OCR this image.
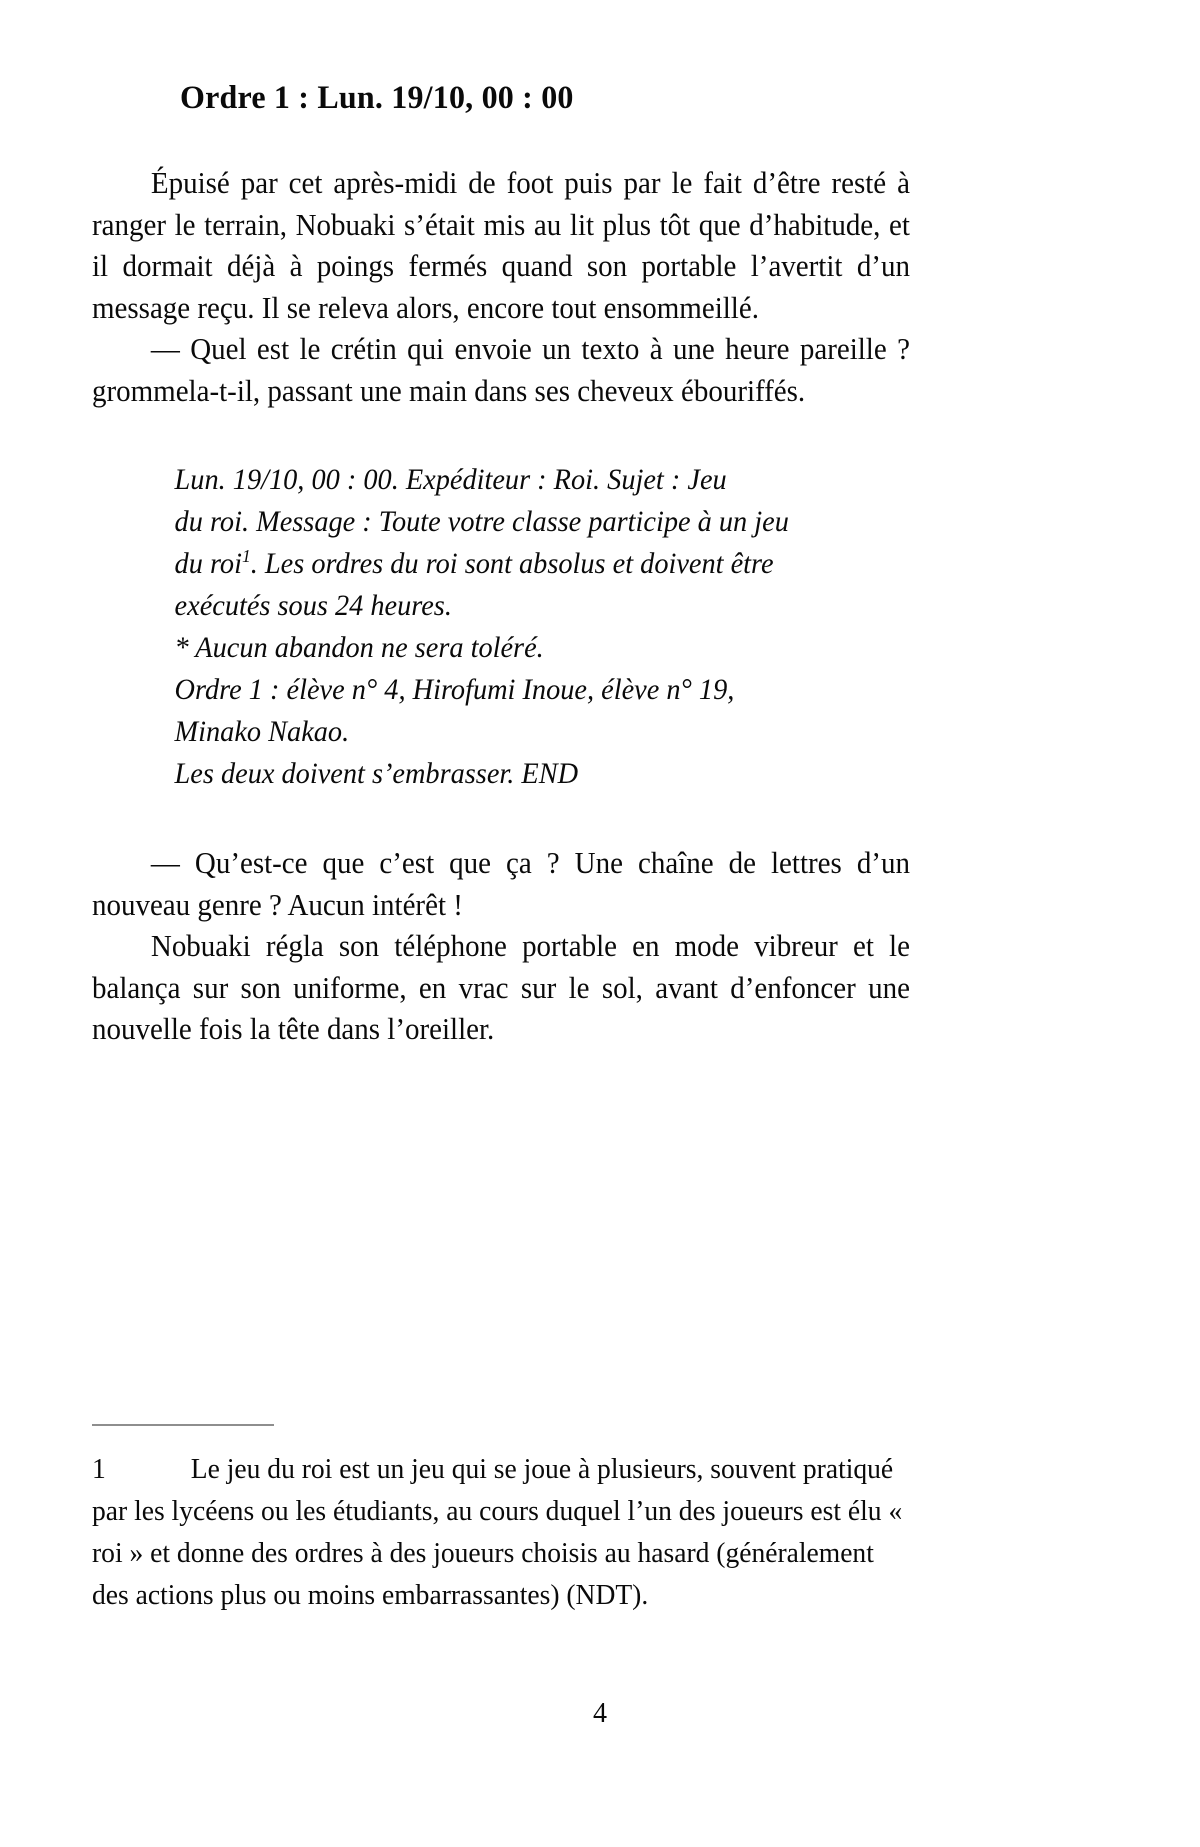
Ordre 1 : Lun. 19/10, 00 : 00

Épuisé par cet après-midi de foot puis par le fait d’être resté à ranger le terrain, Nobuaki s’était mis au lit plus tôt que d’habitude, et il dormait déjà à poings fermés quand son portable l’avertit d’un message reçu. Il se releva alors, encore tout ensommeillé.

— Quel est le crétin qui envoie un texto à une heure pareille ? grommela-t-il, passant une main dans ses cheveux ébouriffés.

Lun. 19/10, 00 : 00. Expéditeur : Roi. Sujet : Jeu

du roi. Message : Toute votre classe participe à un jeu

du roi$^1$. Les ordres du roi sont absolus et doivent être

exécutés sous 24 heures.

* Aucun abandon ne sera toléré.

Ordre 1 : élève n° 4, Hirofumi Inoue, élève n° 19,

Minako Nakao.

Les deux doivent s’embrasser. END

— Qu’est-ce que c’est que ça ? Une chaîne de lettres d’un nouveau genre ? Aucun intérêt !

Nobuaki régla son téléphone portable en mode vibreur et le balança sur son uniforme, en vrac sur le sol, avant d’enfoncer une nouvelle fois la tête dans l’oreiller.

1	Le jeu du roi est un jeu qui se joue à plusieurs, souvent pratiqué par les lycéens ou les étudiants, au cours duquel l’un des joueurs est élu « roi » et donne des ordres à des joueurs choisis au hasard (généralement des actions plus ou moins embarrassantes) (NDT).

4
